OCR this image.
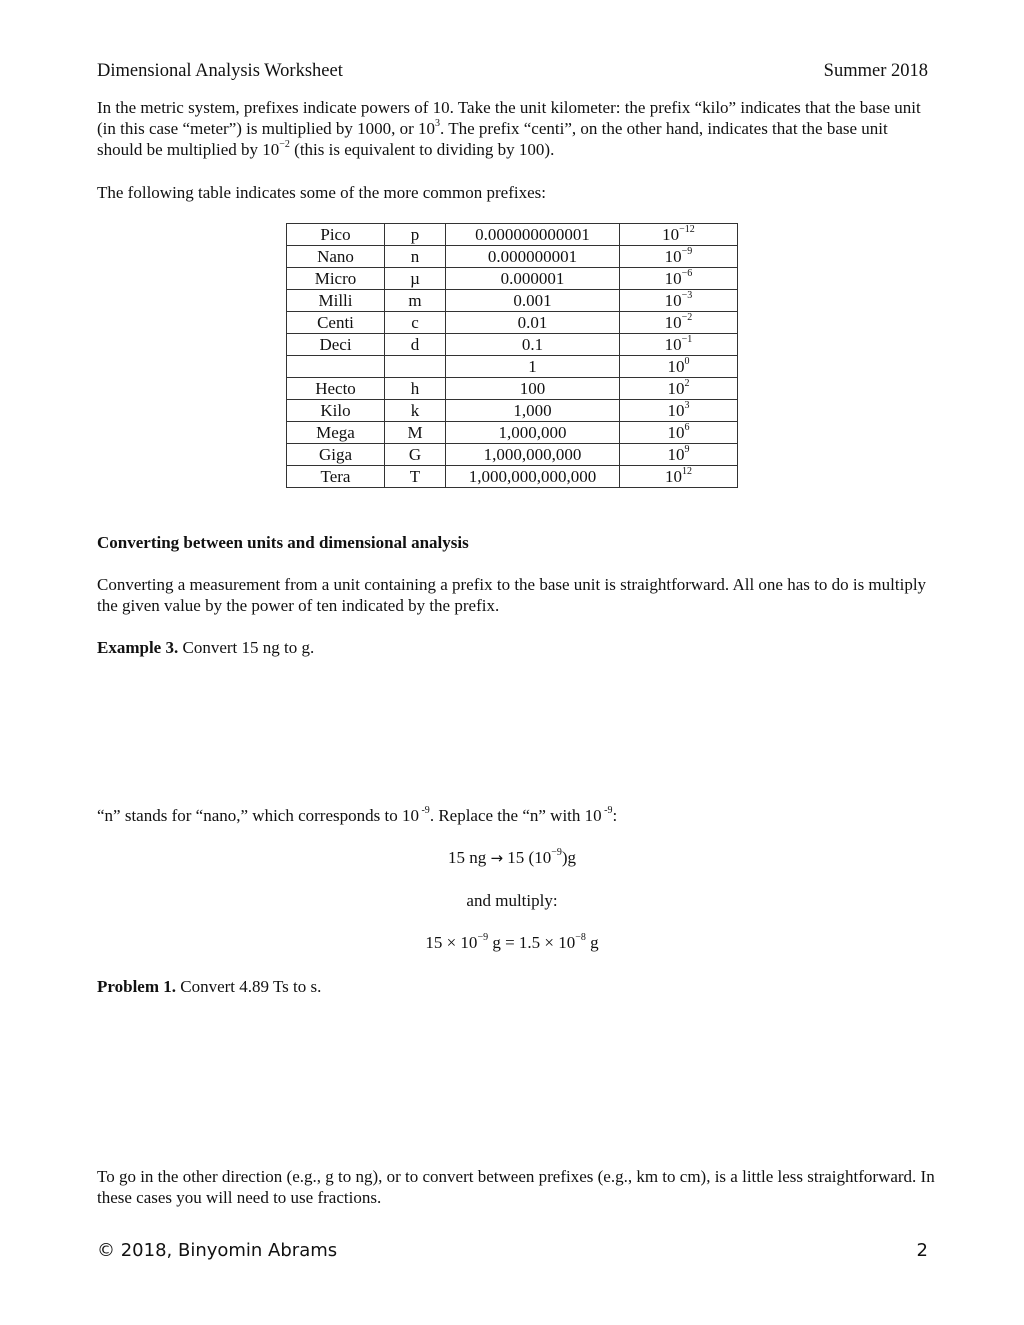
Dimensional Analysis Worksheet	Summer 2018
In the metric system, prefixes indicate powers of 10. Take the unit kilometer: the prefix “kilo” indicates that the base unit (in this case “meter”) is multiplied by 1000, or $10^3$. The prefix “centi”, on the other hand, indicates that the base unit should be multiplied by $10^{-2}$ (this is equivalent to dividing by 100).
The following table indicates some of the more common prefixes:
Pico	p	0.000000000001	$10^{-12}$
Nano	n	0.000000001	$10^{-9}$
Micro	µ	0.000001	$10^{-6}$
Milli	m	0.001	$10^{-3}$
Centi	c	0.01	$10^{-2}$
Deci	d	0.1	$10^{-1}$
		1	$10^0$
Hecto	h	100	$10^2$
Kilo	k	1,000	$10^3$
Mega	M	1,000,000	$10^6$
Giga	G	1,000,000,000	$10^9$
Tera	T	1,000,000,000,000	$10^{12}$
Converting between units and dimensional analysis
Converting a measurement from a unit containing a prefix to the base unit is straightforward. All one has to do is multiply the given value by the power of ten indicated by the prefix.
Example 3. Convert 15 ng to g.
“n” stands for “nano,” which corresponds to 10 $^{-9}$. Replace the “n” with 10 $^{-9}$:
15 ng → 15 $(10^{-9})g$
and multiply:
$15 \times 10^{-9}$ $g = 1.5 \times 10^{-8}$ g
Problem 1. Convert 4.89 Ts to s.
To go in the other direction (e.g., g to ng), or to convert between prefixes (e.g., km to cm), is a little less straightforward. In these cases you will need to use fractions.
© 2018, Binyomin Abrams	2
